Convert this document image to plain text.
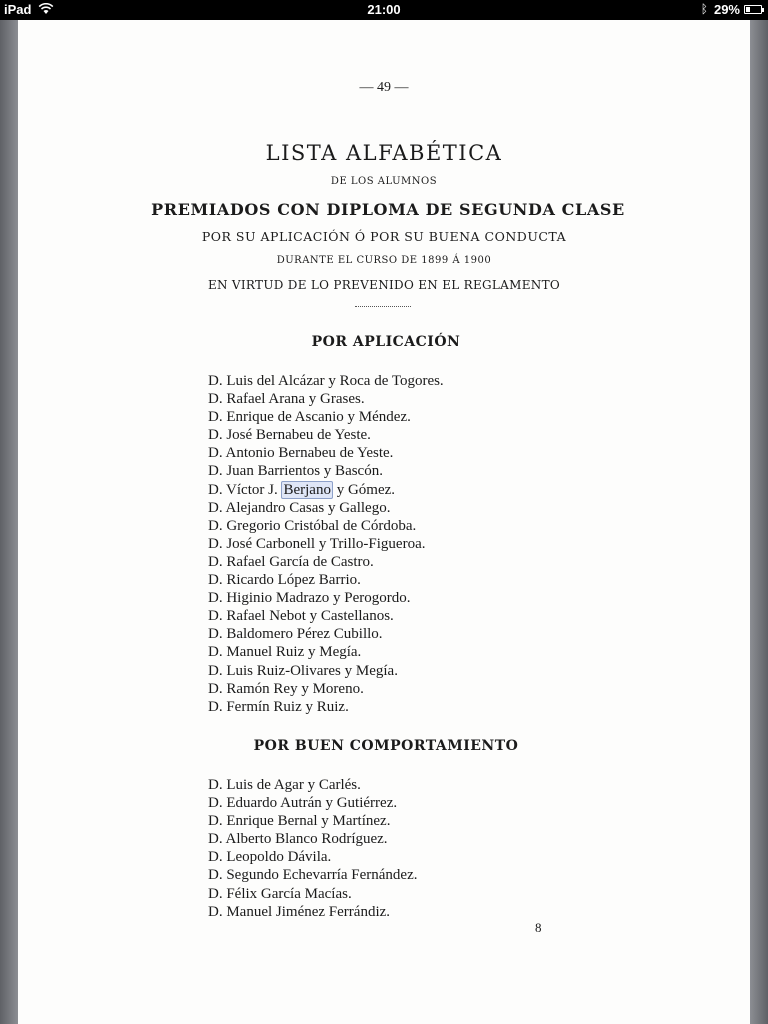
iPad	21:00	ᛒ 29%
— 49 —
LISTA ALFABÉTICA
DE LOS ALUMNOS
PREMIADOS CON DIPLOMA DE SEGUNDA CLASE
POR SU APLICACIÓN Ó POR SU BUENA CONDUCTA
DURANTE EL CURSO DE 1899 Á 1900
EN VIRTUD DE LO PREVENIDO EN EL REGLAMENTO
POR APLICACIÓN
D. Luis del Alcázar y Roca de Togores.
D. Rafael Arana y Grases.
D. Enrique de Ascanio y Méndez.
D. José Bernabeu de Yeste.
D. Antonio Bernabeu de Yeste.
D. Juan Barrientos y Bascón.
D. Víctor J. Berjano y Gómez.
D. Alejandro Casas y Gallego.
D. Gregorio Cristóbal de Córdoba.
D. José Carbonell y Trillo-Figueroa.
D. Rafael García de Castro.
D. Ricardo López Barrio.
D. Higinio Madrazo y Perogordo.
D. Rafael Nebot y Castellanos.
D. Baldomero Pérez Cubillo.
D. Manuel Ruiz y Megía.
D. Luis Ruiz-Olivares y Megía.
D. Ramón Rey y Moreno.
D. Fermín Ruiz y Ruiz.
POR BUEN COMPORTAMIENTO
D. Luis de Agar y Carlés.
D. Eduardo Autrán y Gutiérrez.
D. Enrique Bernal y Martínez.
D. Alberto Blanco Rodríguez.
D. Leopoldo Dávila.
D. Segundo Echevarría Fernández.
D. Félix García Macías.
D. Manuel Jiménez Ferrándiz.
8
